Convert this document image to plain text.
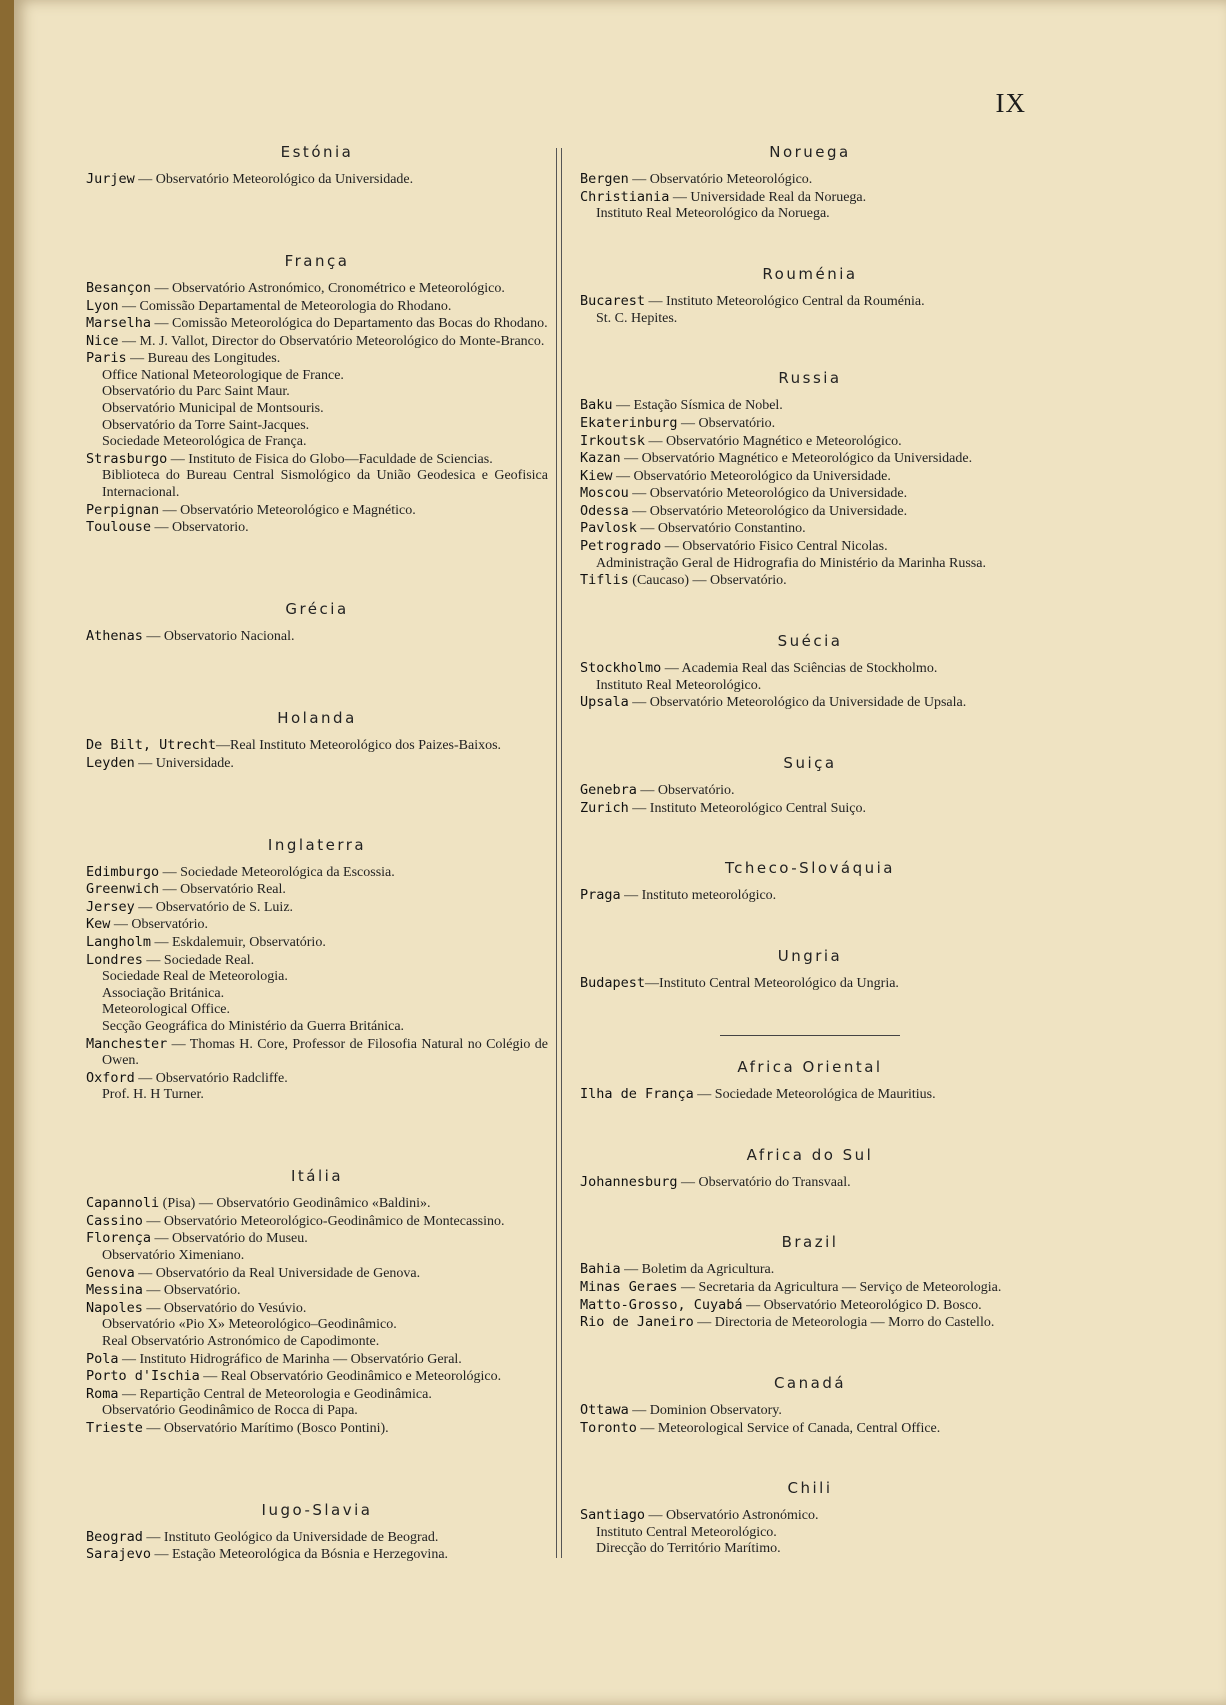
IX
Estónia
Jurjew — Observatório Meteorológico da Universidade.
França
Besançon — Observatório Astronómico, Cronométrico e Meteorológico.
Lyon — Comissão Departamental de Meteorologia do Rhodano.
Marselha — Comissão Meteorológica do Departamento das Bocas do Rhodano.
Nice — M. J. Vallot, Director do Observatório Meteorológico do Monte-Branco.
Paris — Bureau des Longitudes.
Office National Meteorologique de France.
Observatório du Parc Saint Maur.
Observatório Municipal de Montsouris.
Observatório da Torre Saint-Jacques.
Sociedade Meteorológica de França.
Strasburgo — Instituto de Fisica do Globo—Faculdade de Sciencias.
Biblioteca do Bureau Central Sismológico da União Geodesica e Geofisica Internacional.
Perpignan — Observatório Meteorológico e Magnético.
Toulouse — Observatorio.
Grécia
Athenas — Observatorio Nacional.
Holanda
De Bilt, Utrecht—Real Instituto Meteorológico dos Paizes-Baixos.
Leyden — Universidade.
Inglaterra
Edimburgo — Sociedade Meteorológica da Escossia.
Greenwich — Observatório Real.
Jersey — Observatório de S. Luiz.
Kew — Observatório.
Langholm — Eskdalemuir, Observatório.
Londres — Sociedade Real.
Sociedade Real de Meteorologia.
Associação Británica.
Meteorological Office.
Secção Geográfica do Ministério da Guerra Británica.
Manchester — Thomas H. Core, Professor de Filosofia Natural no Colégio de Owen.
Oxford — Observatório Radcliffe.
Prof. H. H Turner.
Itália
Capannoli (Pisa) — Observatório Geodinâmico «Baldini».
Cassino — Observatório Meteorológico-Geodinâmico de Montecassino.
Florença — Observatório do Museu.
Observatório Ximeniano.
Genova — Observatório da Real Universidade de Genova.
Messina — Observatório.
Napoles — Observatório do Vesúvio.
Observatório «Pio X» Meteorológico–Geodinâmico.
Real Observatório Astronómico de Capodimonte.
Pola — Instituto Hidrográfico de Marinha — Observatório Geral.
Porto d'Ischia — Real Observatório Geodinâmico e Meteorológico.
Roma — Repartição Central de Meteorologia e Geodinâmica.
Observatório Geodinâmico de Rocca di Papa.
Trieste — Observatório Marítimo (Bosco Pontini).
Iugo-Slavia
Beograd — Instituto Geológico da Universidade de Beograd.
Sarajevo — Estação Meteorológica da Bósnia e Herzegovina.
Noruega
Bergen — Observatório Meteorológico.
Christiania — Universidade Real da Noruega.
Instituto Real Meteorológico da Noruega.
Rouménia
Bucarest — Instituto Meteorológico Central da Rouménia.
St. C. Hepites.
Russia
Baku — Estação Sísmica de Nobel.
Ekaterinburg — Observatório.
Irkoutsk — Observatório Magnético e Meteorológico.
Kazan — Observatório Magnético e Meteorológico da Universidade.
Kiew — Observatório Meteorológico da Universidade.
Moscou — Observatório Meteorológico da Universidade.
Odessa — Observatório Meteorológico da Universidade.
Pavlosk — Observatório Constantino.
Petrogrado — Observatório Fisico Central Nicolas.
Administração Geral de Hidrografia do Ministério da Marinha Russa.
Tiflis (Caucaso) — Observatório.
Suécia
Stockholmo — Academia Real das Sciências de Stockholmo.
Instituto Real Meteorológico.
Upsala — Observatório Meteorológico da Universidade de Upsala.
Suiça
Genebra — Observatório.
Zurich — Instituto Meteorológico Central Suiço.
Tcheco-Slováquia
Praga — Instituto meteorológico.
Ungria
Budapest—Instituto Central Meteorológico da Ungria.
Africa Oriental
Ilha de França — Sociedade Meteorológica de Mauritius.
Africa do Sul
Johannesburg — Observatório do Transvaal.
Brazil
Bahia — Boletim da Agricultura.
Minas Geraes — Secretaria da Agricultura — Serviço de Meteorologia.
Matto-Grosso, Cuyabá — Observatório Meteorológico D. Bosco.
Rio de Janeiro — Directoria de Meteorologia — Morro do Castello.
Canadá
Ottawa — Dominion Observatory.
Toronto — Meteorological Service of Canada, Central Office.
Chili
Santiago — Observatório Astronómico.
Instituto Central Meteorológico.
Direcção do Território Marítimo.
